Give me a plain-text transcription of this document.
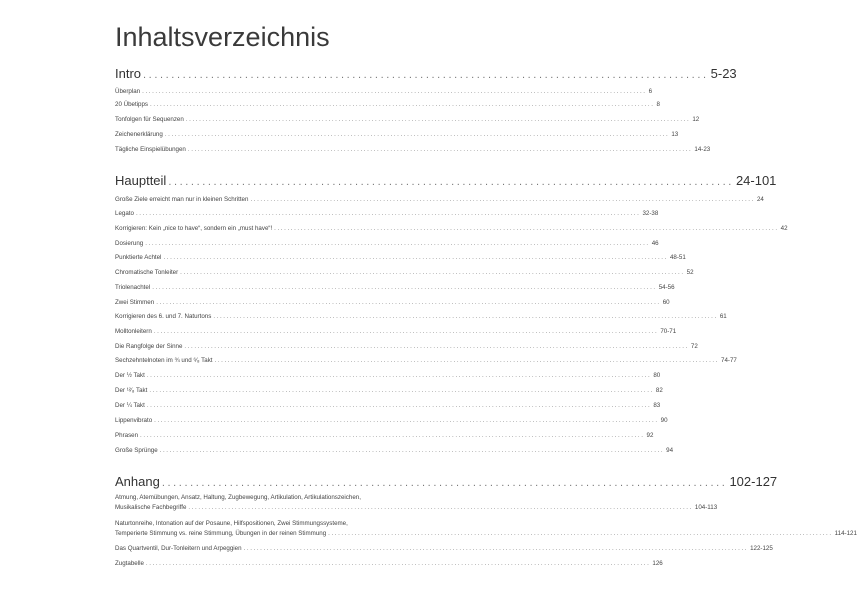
Inhaltsverzeichnis
Intro .................................................................................................... 5-23
Überplan ........................................................................................................................................................ 6
20 Übetipps ........................................................................................................................................................ 8
Tonfolgen für Sequenzen ........................................................................................................................................................ 12
Zeichenerklärung ........................................................................................................................................................ 13
Tägliche Einspielübungen ........................................................................................................................................................ 14-23
Hauptteil .................................................................................................... 24-101
Große Ziele erreicht man nur in kleinen Schritten ........................................................................................................................................................ 24
Legato ........................................................................................................................................................ 32-38
Korrigieren: Kein „nice to have“, sondern ein „must have“! ........................................................................................................................................................ 42
Dosierung ........................................................................................................................................................ 46
Punktierte Achtel ........................................................................................................................................................ 48-51
Chromatische Tonleiter ........................................................................................................................................................ 52
Triolenachtel ........................................................................................................................................................ 54-56
Zwei Stimmen ........................................................................................................................................................ 60
Korrigieren des 6. und 7. Naturtons ........................................................................................................................................................ 61
Molltonleitern ........................................................................................................................................................ 70-71
Die Rangfolge der Sinne ........................................................................................................................................................ 72
Sechzehntelnoten im ¾ und ⁶⁄₈ Takt ........................................................................................................................................................ 74-77
Der ½ Takt ........................................................................................................................................................ 80
Der ¹²⁄₈ Takt ........................................................................................................................................................ 82
Der ¼ Takt ........................................................................................................................................................ 83
Lippenvibrato ........................................................................................................................................................ 90
Phrasen ........................................................................................................................................................ 92
Große Sprünge ........................................................................................................................................................ 94
Anhang .................................................................................................... 102-127
Atmung, Atemübungen, Ansatz, Haltung, Zugbewegung, Artikulation, Artikulationszeichen,
Musikalische Fachbegriffe ........................................................................................................................................................ 104-113
Naturtonreihe, Intonation auf der Posaune, Hilfspositionen, Zwei Stimmungssysteme,
Temperierte Stimmung vs. reine Stimmung, Übungen in der reinen Stimmung ........................................................................................................................................................ 114-121
Das Quartventil, Dur-Tonleitern und Arpeggien ........................................................................................................................................................ 122-125
Zugtabelle ........................................................................................................................................................ 126
